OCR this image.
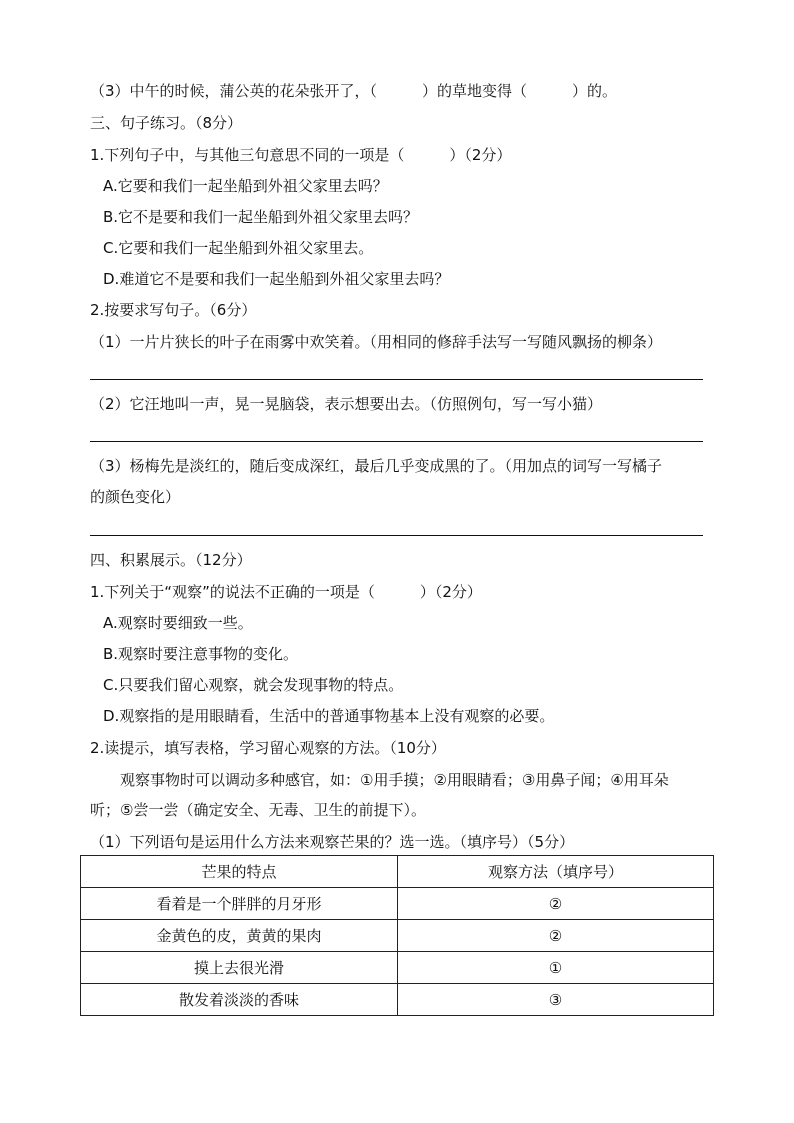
（3）中午的时候，蒲公英的花朵张开了，（　　　）的草地变得（　　　）的。
三、句子练习。（8分）
1.下列句子中，与其他三句意思不同的一项是（　　　）（2分）
A.它要和我们一起坐船到外祖父家里去吗？
B.它不是要和我们一起坐船到外祖父家里去吗？
C.它要和我们一起坐船到外祖父家里去。
D.难道它不是要和我们一起坐船到外祖父家里去吗？
2.按要求写句子。（6分）
（1）一片片狭长的叶子在雨雾中欢笑着。（用相同的修辞手法写一写随风飘扬的柳条）
（2）它汪地叫一声，晃一晃脑袋，表示想要出去。（仿照例句，写一写小猫）
（3）杨梅先是淡红的，随后变成深红，最后几乎变成黑的了。（用加点的词写一写橘子
的颜色变化）
四、积累展示。（12分）
1.下列关于“观察”的说法不正确的一项是（　　　）（2分）
A.观察时要细致一些。
B.观察时要注意事物的变化。
C.只要我们留心观察，就会发现事物的特点。
D.观察指的是用眼睛看，生活中的普通事物基本上没有观察的必要。
2.读提示，填写表格，学习留心观察的方法。（10分）
观察事物时可以调动多种感官，如：①用手摸；②用眼睛看；③用鼻子闻；④用耳朵
听；⑤尝一尝（确定安全、无毒、卫生的前提下）。
（1）下列语句是运用什么方法来观察芒果的？选一选。（填序号）（5分）
芒果的特点	观察方法（填序号）
看着是一个胖胖的月牙形	②
金黄色的皮，黄黄的果肉	②
摸上去很光滑	①
散发着淡淡的香味	③
